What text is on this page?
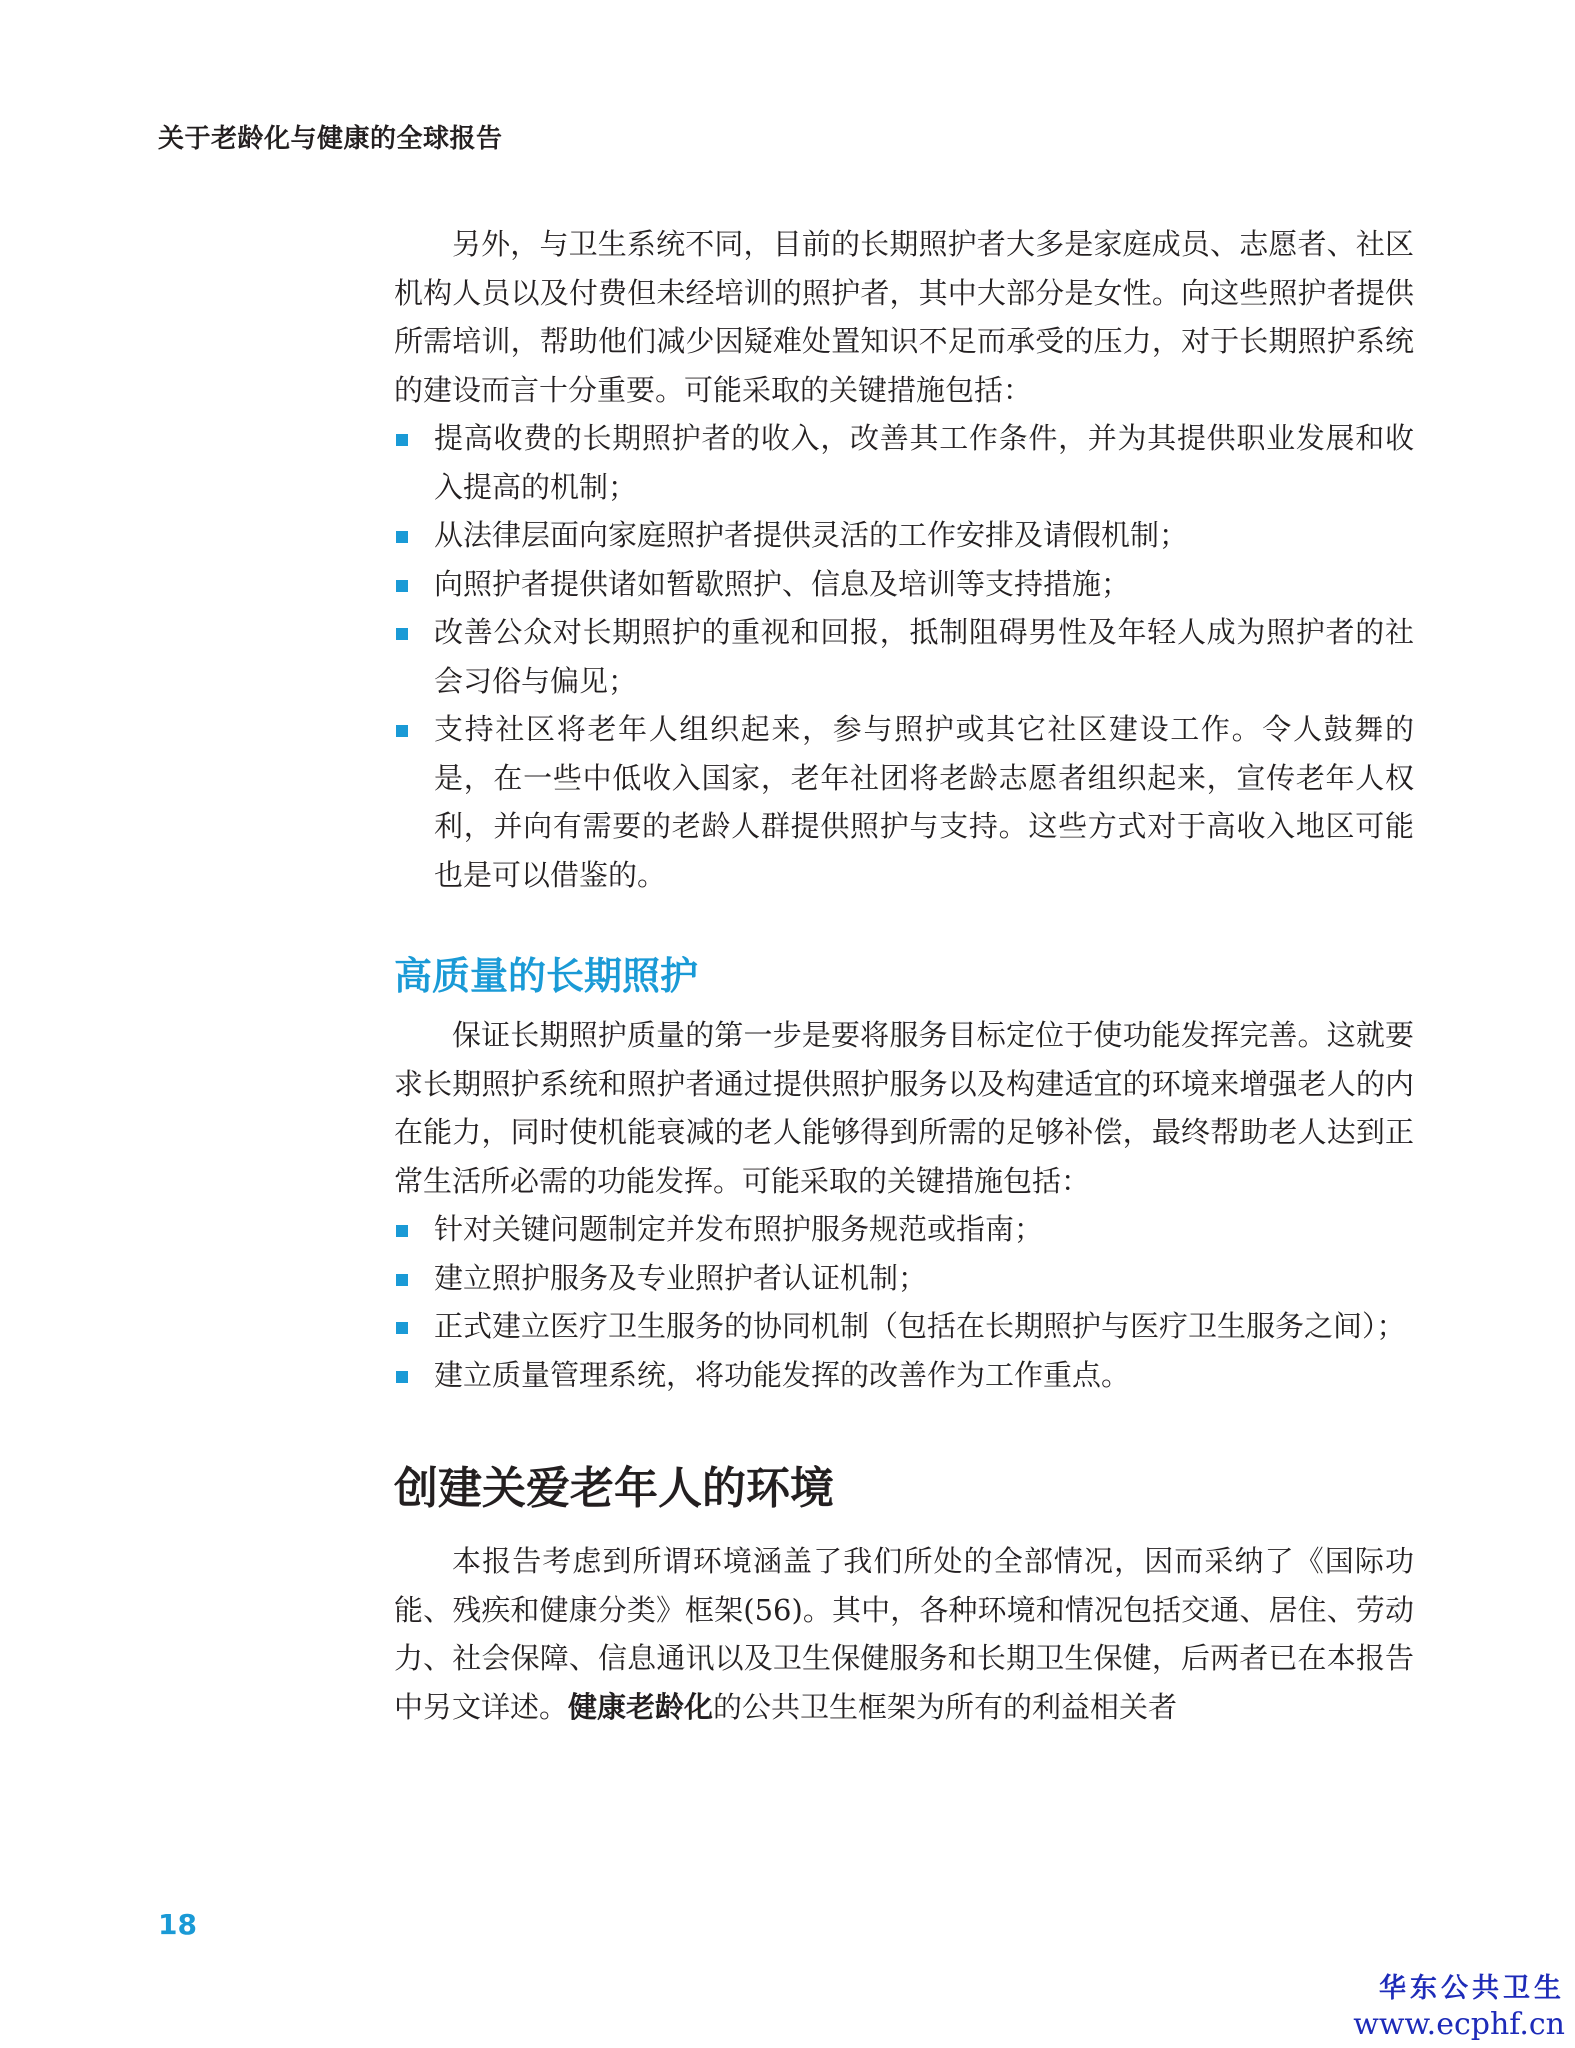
关于老龄化与健康的全球报告

另外，与卫生系统不同，目前的长期照护者大多是家庭成员、志愿者、社区机构人员以及付费但未经培训的照护者，其中大部分是女性。向这些照护者提供所需培训，帮助他们减少因疑难处置知识不足而承受的压力，对于长期照护系统的建设而言十分重要。可能采取的关键措施包括：

提高收费的长期照护者的收入，改善其工作条件，并为其提供职业发展和收入提高的机制；
从法律层面向家庭照护者提供灵活的工作安排及请假机制；
向照护者提供诸如暂歇照护、信息及培训等支持措施；
改善公众对长期照护的重视和回报，抵制阻碍男性及年轻人成为照护者的社会习俗与偏见；
支持社区将老年人组织起来，参与照护或其它社区建设工作。令人鼓舞的是，在一些中低收入国家，老年社团将老龄志愿者组织起来，宣传老年人权利，并向有需要的老龄人群提供照护与支持。这些方式对于高收入地区可能也是可以借鉴的。
高质量的长期照护

保证长期照护质量的第一步是要将服务目标定位于使功能发挥完善。这就要求长期照护系统和照护者通过提供照护服务以及构建适宜的环境来增强老人的内在能力，同时使机能衰减的老人能够得到所需的足够补偿，最终帮助老人达到正常生活所必需的功能发挥。可能采取的关键措施包括：

针对关键问题制定并发布照护服务规范或指南；
建立照护服务及专业照护者认证机制；
正式建立医疗卫生服务的协同机制（包括在长期照护与医疗卫生服务之间）；
建立质量管理系统，将功能发挥的改善作为工作重点。
创建关爱老年人的环境

本报告考虑到所谓环境涵盖了我们所处的全部情况，因而采纳了《国际功能、残疾和健康分类》框架(56)。其中，各种环境和情况包括交通、居住、劳动力、社会保障、信息通讯以及卫生保健服务和长期卫生保健，后两者已在本报告中另文详述。健康老龄化的公共卫生框架为所有的利益相关者

18
华东公共卫生
www.ecphf.cn
